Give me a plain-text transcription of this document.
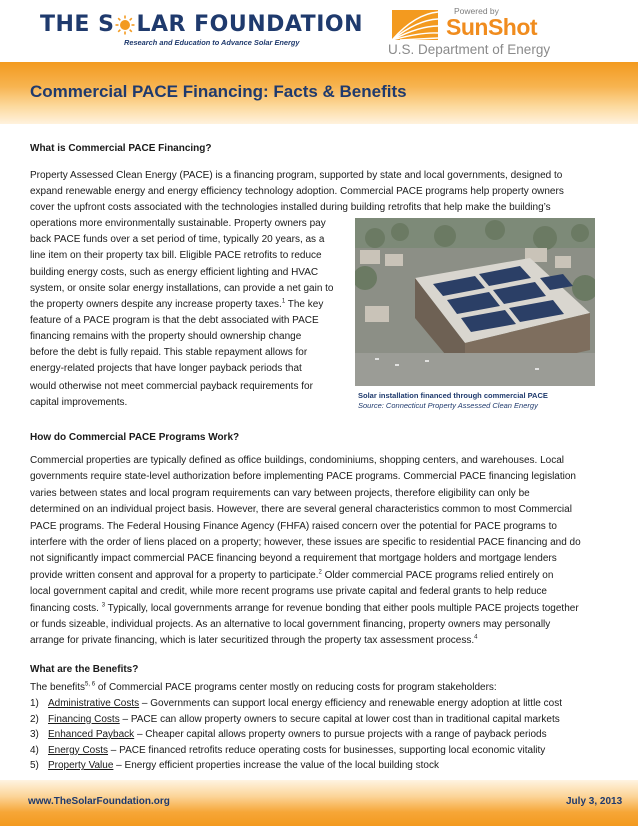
THE S LAR FOUNDATION
Research and Education to Advance Solar Energy
Powered by
SunShot
U.S. Department of Energy
Commercial PACE Financing: Facts & Benefits
What is Commercial PACE Financing?
Property Assessed Clean Energy (PACE) is a financing program, supported by state and local governments, designed to
expand renewable energy and energy efficiency technology adoption. Commercial PACE programs help property owners
cover the upfront costs associated with the technologies installed during building retrofits that help make the building’s
operations more environmentally sustainable. Property owners pay
back PACE funds over a set period of time, typically 20 years, as a
line item on their property tax bill. Eligible PACE retrofits to reduce
building energy costs, such as energy efficient lighting and HVAC
system, or onsite solar energy installations, can provide a net gain to
the property owners despite any increase property taxes.$^1$ The key
feature of a PACE program is that the debt associated with PACE
financing remains with the property should ownership change
before the debt is fully repaid. This stable repayment allows for
energy-related projects that have longer payback periods that
would otherwise not meet commercial payback requirements for
capital improvements.
Solar installation financed through commercial PACE
Source: Connecticut Property Assessed Clean Energy
How do Commercial PACE Programs Work?
Commercial properties are typically defined as office buildings, condominiums, shopping centers, and warehouses. Local
governments require state-level authorization before implementing PACE programs. Commercial PACE financing legislation
varies between states and local program requirements can vary between projects, therefore eligibility can only be
determined on an individual project basis. However, there are several general characteristics common to most Commercial
PACE programs. The Federal Housing Finance Agency (FHFA) raised concern over the potential for PACE programs to
interfere with the order of liens placed on a property; however, these issues are specific to residential PACE financing and do
not significantly impact commercial PACE financing beyond a requirement that mortgage holders and mortgage lenders
provide written consent and approval for a property to participate.$^2$ Older commercial PACE programs relied entirely on
local government capital and credit, while more recent programs use private capital and federal grants to help reduce
financing costs. $^3$ Typically, local governments arrange for revenue bonding that either pools multiple PACE projects together
or funds sizeable, individual projects. As an alternative to local government financing, property owners may personally
arrange for private financing, which is later securitized through the property tax assessment process.$^4$
What are the Benefits?
The benefits$^{5, 6}$ of Commercial PACE programs center mostly on reducing costs for program stakeholders:
1) Administrative Costs – Governments can support local energy efficiency and renewable energy adoption at little cost
2) Financing Costs – PACE can allow property owners to secure capital at lower cost than in traditional capital markets
3) Enhanced Payback – Cheaper capital allows property owners to pursue projects with a range of payback periods
4) Energy Costs – PACE financed retrofits reduce operating costs for businesses, supporting local economic vitality
5) Property Value – Energy efficient properties increase the value of the local building stock
www.TheSolarFoundation.org	July 3, 2013
